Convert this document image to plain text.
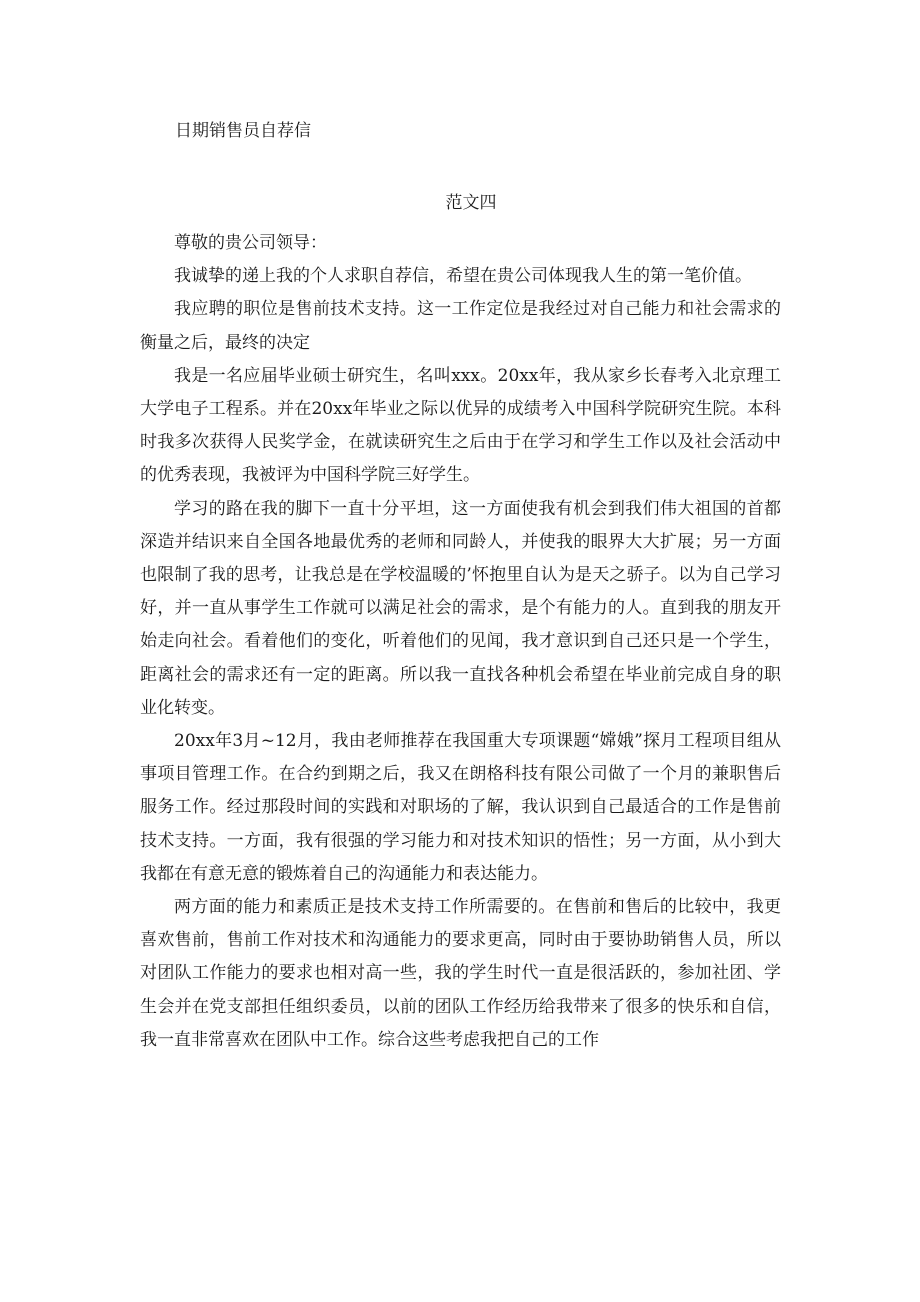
日期销售员自荐信
范文四

尊敬的贵公司领导：

我诚挚的递上我的个人求职自荐信，希望在贵公司体现我人生的第一笔价值。

我应聘的职位是售前技术支持。这一工作定位是我经过对自己能力和社会需求的衡量之后，最终的决定

我是一名应届毕业硕士研究生，名叫xxx。20xx年，我从家乡长春考入北京理工大学电子工程系。并在20xx年毕业之际以优异的成绩考入中国科学院研究生院。本科时我多次获得人民奖学金，在就读研究生之后由于在学习和学生工作以及社会活动中的优秀表现，我被评为中国科学院三好学生。

学习的路在我的脚下一直十分平坦，这一方面使我有机会到我们伟大祖国的首都深造并结识来自全国各地最优秀的老师和同龄人，并使我的眼界大大扩展；另一方面也限制了我的思考，让我总是在学校温暖的’怀抱里自认为是天之骄子。以为自己学习好，并一直从事学生工作就可以满足社会的需求，是个有能力的人。直到我的朋友开始走向社会。看着他们的变化，听着他们的见闻，我才意识到自己还只是一个学生，距离社会的需求还有一定的距离。所以我一直找各种机会希望在毕业前完成自身的职业化转变。

20xx年3月~12月，我由老师推荐在我国重大专项课题“嫦娥”探月工程项目组从事项目管理工作。在合约到期之后，我又在朗格科技有限公司做了一个月的兼职售后服务工作。经过那段时间的实践和对职场的了解，我认识到自己最适合的工作是售前技术支持。一方面，我有很强的学习能力和对技术知识的悟性；另一方面，从小到大我都在有意无意的锻炼着自己的沟通能力和表达能力。

两方面的能力和素质正是技术支持工作所需要的。在售前和售后的比较中，我更喜欢售前，售前工作对技术和沟通能力的要求更高，同时由于要协助销售人员，所以对团队工作能力的要求也相对高一些，我的学生时代一直是很活跃的，参加社团、学生会并在党支部担任组织委员，以前的团队工作经历给我带来了很多的快乐和自信，我一直非常喜欢在团队中工作。综合这些考虑我把自己的工作
